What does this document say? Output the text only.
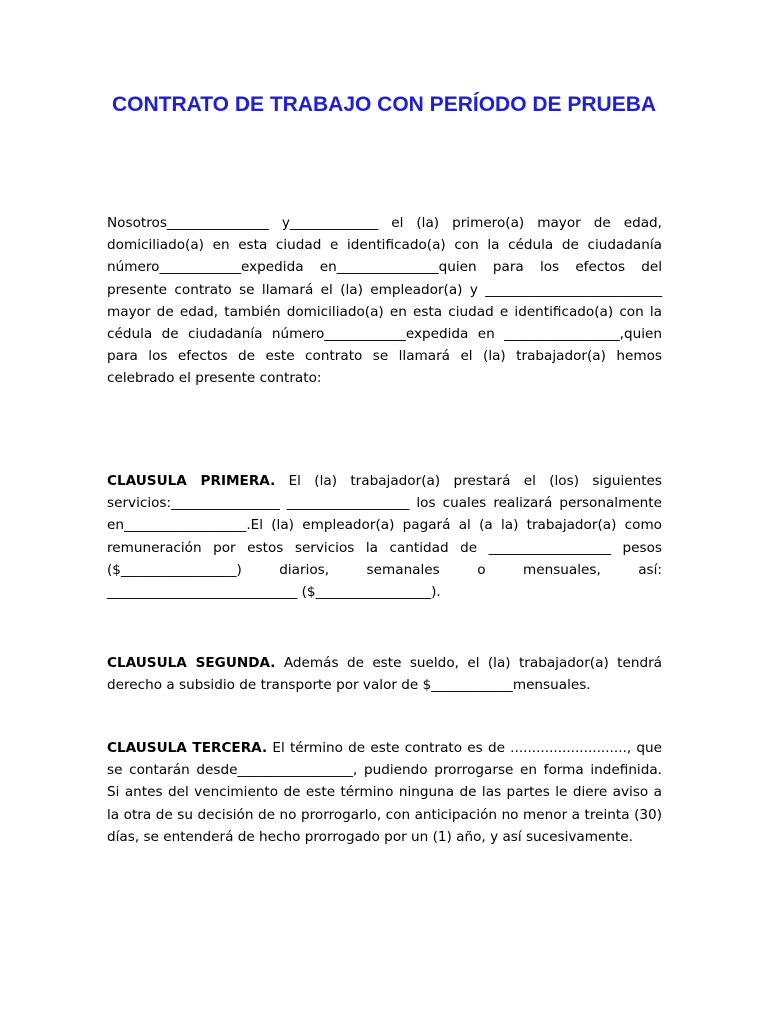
CONTRATO DE TRABAJO CON PERÍODO DE PRUEBA

Nosotros_______________ y_____________ el (la) primero(a) mayor de edad, domiciliado(a) en esta ciudad e identificado(a) con la cédula de ciudadanía número____________expedida en_______________quien para los efectos del presente contrato se llamará el (la) empleador(a) y __________________________ mayor de edad, también domiciliado(a) en esta ciudad e identificado(a) con la cédula de ciudadanía número____________expedida en _________________,quien para los efectos de este contrato se llamará el (la) trabajador(a) hemos celebrado el presente contrato:

CLAUSULA PRIMERA. El (la) trabajador(a) prestará el (los) siguientes servicios:________________ __________________ los cuales realizará personalmente en__________________.El (la) empleador(a) pagará al (a la) trabajador(a) como remuneración por estos servicios la cantidad de __________________ pesos ($_________________) diarios, semanales o mensuales, así: ____________________________ ($_________________).

CLAUSULA SEGUNDA. Además de este sueldo, el (la) trabajador(a) tendrá derecho a subsidio de transporte por valor de $____________mensuales.

CLAUSULA TERCERA. El término de este contrato es de ..........................., que se contarán desde_________________, pudiendo prorrogarse en forma indefinida. Si antes del vencimiento de este término ninguna de las partes le diere aviso a la otra de su decisión de no prorrogarlo, con anticipación no menor a treinta (30) días, se entenderá de hecho prorrogado por un (1) año, y así sucesivamente.
